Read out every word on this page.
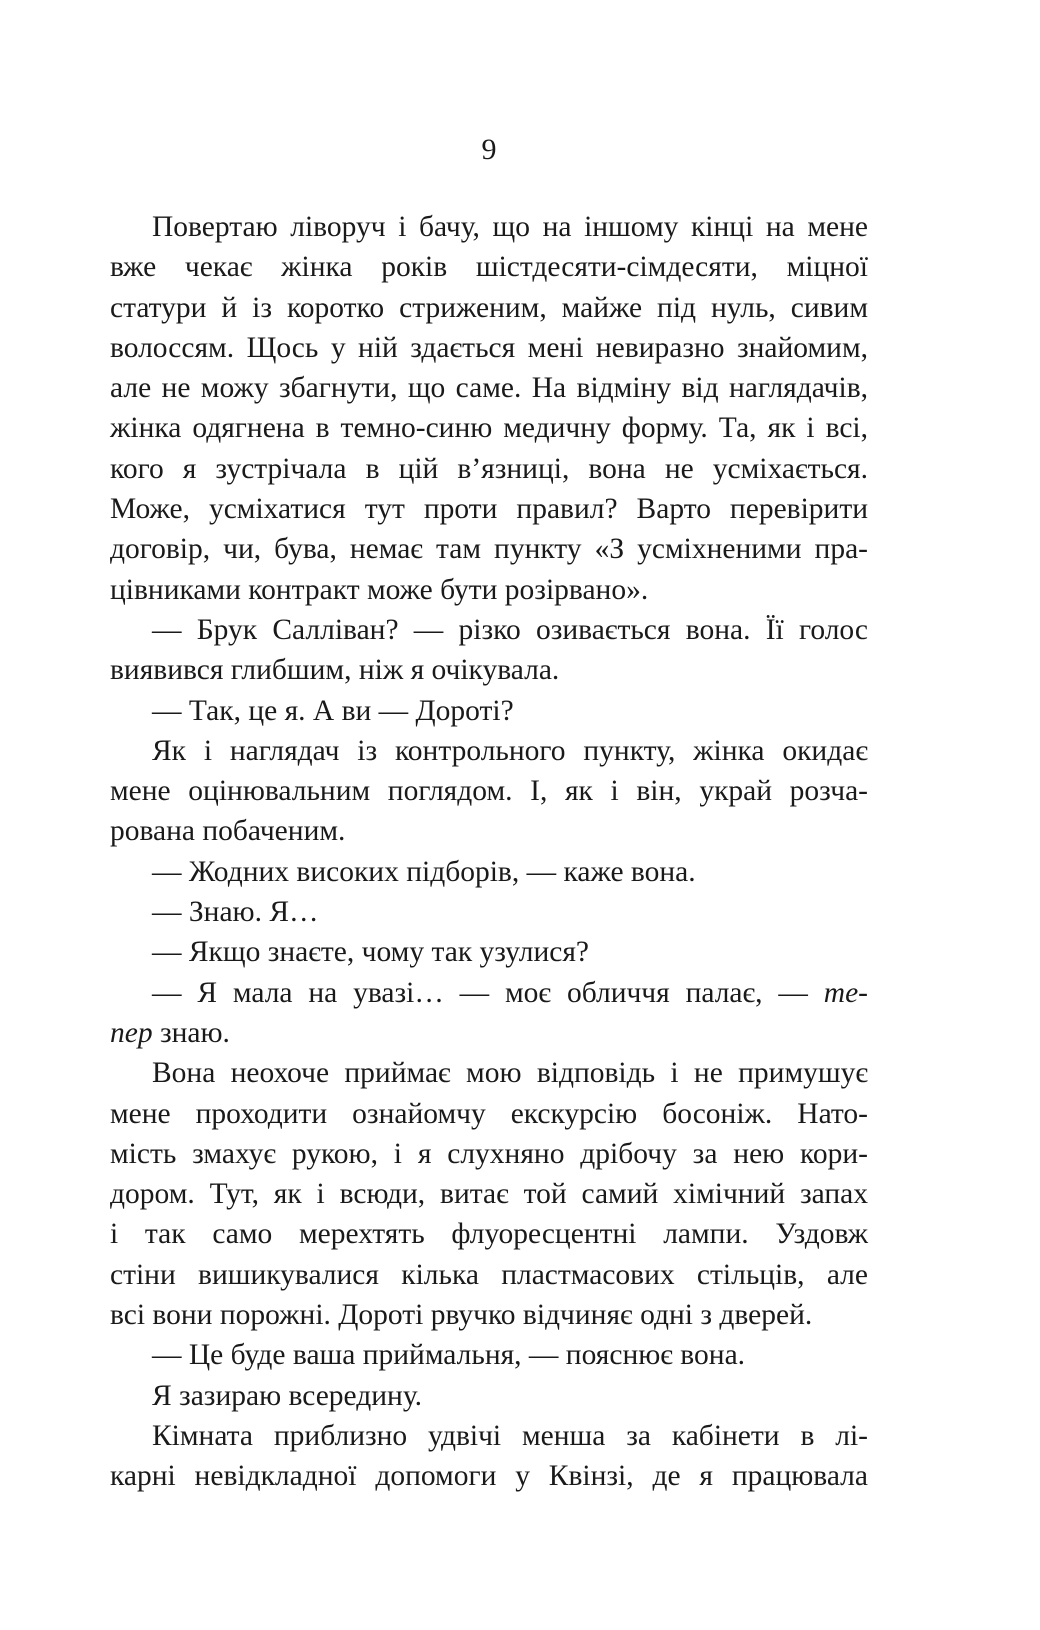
9
Повертаю ліворуч і бачу, що на іншому кінці на мене
вже чекає жінка років шістдесяти-сімдесяти, міцної
статури й із коротко стриженим, майже під нуль, сивим
волоссям. Щось у ній здається мені невиразно знайомим,
але не можу збагнути, що саме. На відміну від наглядачів,
жінка одягнена в темно-синю медичну форму. Та, як і всі,
кого я зустрічала в цій в’язниці, вона не усміхається.
Може, усміхатися тут проти правил? Варто перевірити
договір, чи, бува, немає там пункту «З усміхненими пра-
цівниками контракт може бути розірвано».
— Брук Салліван? — різко озивається вона. Її голос
виявився глибшим, ніж я очікувала.
— Так, це я. А ви — Дороті?
Як і наглядач із контрольного пункту, жінка окидає
мене оцінювальним поглядом. І, як і він, украй розча-
рована побаченим.
— Жодних високих підборів, — каже вона.
— Знаю. Я…
— Якщо знаєте, чому так узулися?
— Я мала на увазі… — моє обличчя палає, — те-
пер знаю.
Вона неохоче приймає мою відповідь і не примушує
мене проходити ознайомчу екскурсію босоніж. Нато-
мість змахує рукою, і я слухняно дрібочу за нею кори-
дором. Тут, як і всюди, витає той самий хімічний запах
і так само мерехтять флуоресцентні лампи. Уздовж
стіни вишикувалися кілька пластмасових стільців, але
всі вони порожні. Дороті рвучко відчиняє одні з дверей.
— Це буде ваша приймальня, — пояснює вона.
Я зазираю всередину.
Кімната приблизно удвічі менша за кабінети в лі-
карні невідкладної допомоги у Квінзі, де я працювала
